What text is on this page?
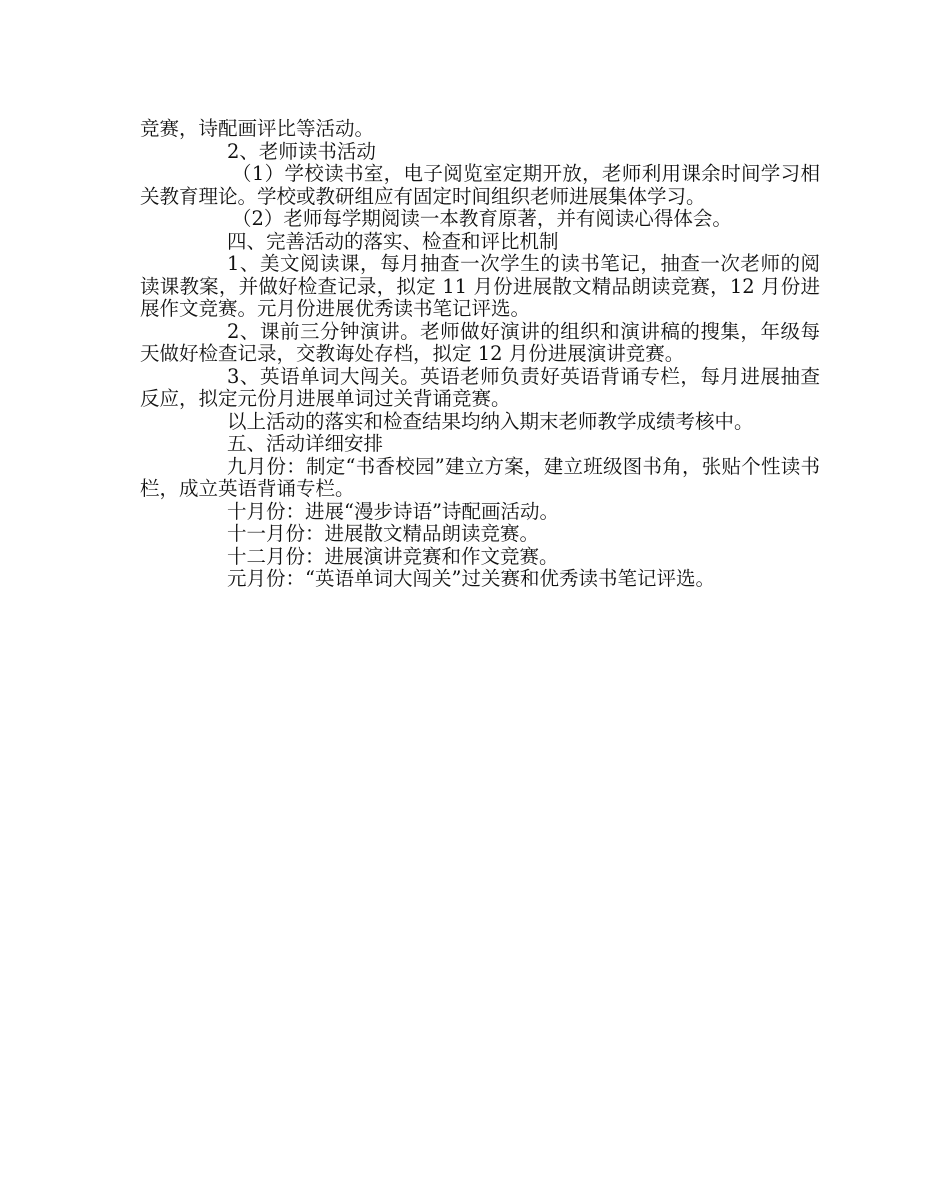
竞赛，诗配画评比等活动。

2、老师读书活动

（1）学校读书室，电子阅览室定期开放，老师利用课余时间学习相关教育理论。学校或教研组应有固定时间组织老师进展集体学习。

（2）老师每学期阅读一本教育原著，并有阅读心得体会。

四、完善活动的落实、检查和评比机制

1、美文阅读课，每月抽查一次学生的读书笔记，抽查一次老师的阅读课教案，并做好检查记录，拟定 11 月份进展散文精品朗读竞赛，12 月份进展作文竞赛。元月份进展优秀读书笔记评选。

2、课前三分钟演讲。老师做好演讲的组织和演讲稿的搜集，年级每天做好检查记录，交教诲处存档，拟定 12 月份进展演讲竞赛。

3、英语单词大闯关。英语老师负责好英语背诵专栏，每月进展抽查反应，拟定元份月进展单词过关背诵竞赛。

以上活动的落实和检查结果均纳入期末老师教学成绩考核中。

五、活动详细安排

九月份：制定“书香校园”建立方案，建立班级图书角，张贴个性读书栏，成立英语背诵专栏。

十月份：进展“漫步诗语”诗配画活动。

十一月份：进展散文精品朗读竞赛。

十二月份：进展演讲竞赛和作文竞赛。

元月份：“英语单词大闯关”过关赛和优秀读书笔记评选。
